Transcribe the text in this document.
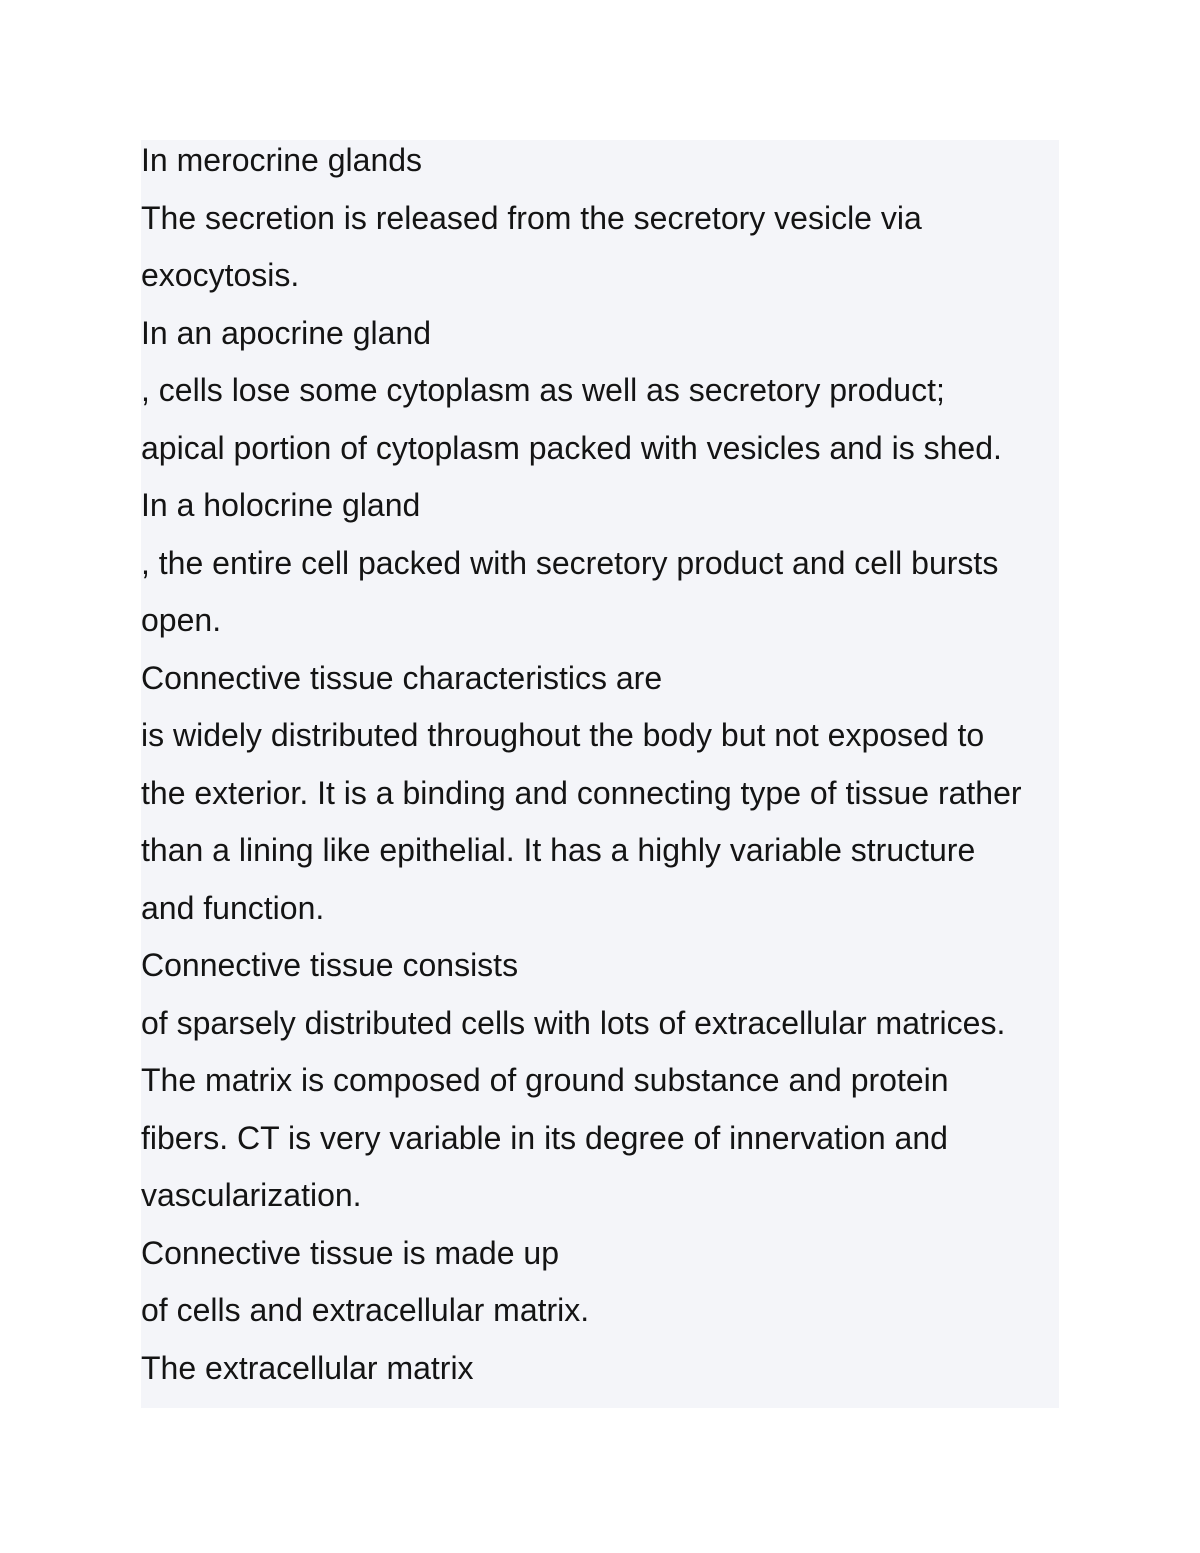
In merocrine glands

The secretion is released from the secretory vesicle via

exocytosis.

In an apocrine gland

, cells lose some cytoplasm as well as secretory product;

apical portion of cytoplasm packed with vesicles and is shed.

In a holocrine gland

, the entire cell packed with secretory product and cell bursts

open.

Connective tissue characteristics are

is widely distributed throughout the body but not exposed to

the exterior. It is a binding and connecting type of tissue rather

than a lining like epithelial. It has a highly variable structure

and function.

Connective tissue consists

of sparsely distributed cells with lots of extracellular matrices.

The matrix is composed of ground substance and protein

fibers. CT is very variable in its degree of innervation and

vascularization.

Connective tissue is made up

of cells and extracellular matrix.

The extracellular matrix
